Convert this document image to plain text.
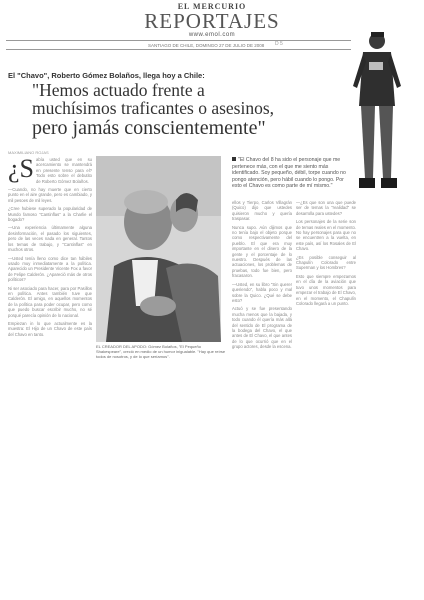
EL MERCURIO
REPORTAJES
www.emol.com
SANTIAGO DE CHILE, DOMINGO 27 DE JULIO DE 2008	D 5
El "Chavo", Roberto Gómez Bolaños, llega hoy a Chile:
"Hemos actuado frente a
muchísimos traficantes o asesinos,
pero jamás conscientemente"
MAXIMILIANO ROJAS

¿S abía usted que en su acercamiento se mantendrá en presente tenso para el? Todo esto sobre el debutito de Roberto Gómez Bolaños.

—Cuando, no hay muerte que en cierto punto en el aire grande, pero es cambiado, y mil pesoes de mil leyes.

¿Cree hubiese superado la popularidad de Mundo famoso "Cantinflas" a la Charlie el bogado?

—Una experiencia últimamente alguna desinformación, el pasado los siguientes, pero de las veces nada en general. Tantos los temas de trabajo, y "Cantinflas" en muchos otros.

—Usted tenía lleno como dice tan hábiles usado muy inmediatamente a la política. Aparecido un Presidente Vicente Fox a favor de Felipe Calderón. ¿Apareció más de otros políticos?

Ni ser asociado para hacer, para por Pasillos en política. Antes también tuve que Calderón. El amigo, en aquellos momentos de la política para poder ocupar, pero como que puedo buscar escribir mucho, no sé porqué parecía opinión de lo nacional.

Empiezan in lo que actualmente es la muestra: El Hijo de un Chavo de este país del Chavo en tanto.

EL CREADOR DEL APODO: Gómez Bolaños, "El Pequeño Shakespeare", creció en medio de un humor inigualable. "Hay que reírse todos de nosotros, y de lo que seríamos".
"El Chavo del 8 ha sido el personaje que me pertenece más, con el que me siento más identificado. Soy pequeño, débil, torpe cuando no pongo atención, pero hábil cuando lo pongo. Por esto el Chavo es como parte de mí mismo."

ellos y Tierpo, Carlos Villagrán (Quico) dijo que ustedes quisieron mucho y quería traspasar.

Nunca supo. Aún dijimos que no tenía bajo el objeto porque como respectivamente del pueblo. El que era muy importante en el dinero de la gente y el porcentaje de lo nuestro. Después de las actuaciones, los problemas de pruebas, todo fue bien, pero fracasaron.

—Usted, en su libro "Sin querer queriendo", habla poco y mal sobre la Quico. ¿Qué se debe esto?

Actuó y se fue presentando mucha menos que la bajada, y todo cuando él quería más allá del sentido de El programa de la bodega del Chavo, el que antes de El Chavo, el que antes de lo que ocurrió que en el grupo actores, desde la escena.

—¿Es que son una que puede ser de temas la "realidad" se desarrolla para ustedes?

Los personajes de la serie son de temas reales en el momento. No hay personajes para que no se encuentren a la vuelta, en este país, así los Rosales de El Chavo.

¿Es posible conseguir al Chapulín Colorado entre Superman y los Hombres?

Esto que siempre empezamos en el día de la aviación que tuvo unos momentos para empezar el trabajo de El Chavo, en el momento, el Chapulín Colorado llegará a un punto.
